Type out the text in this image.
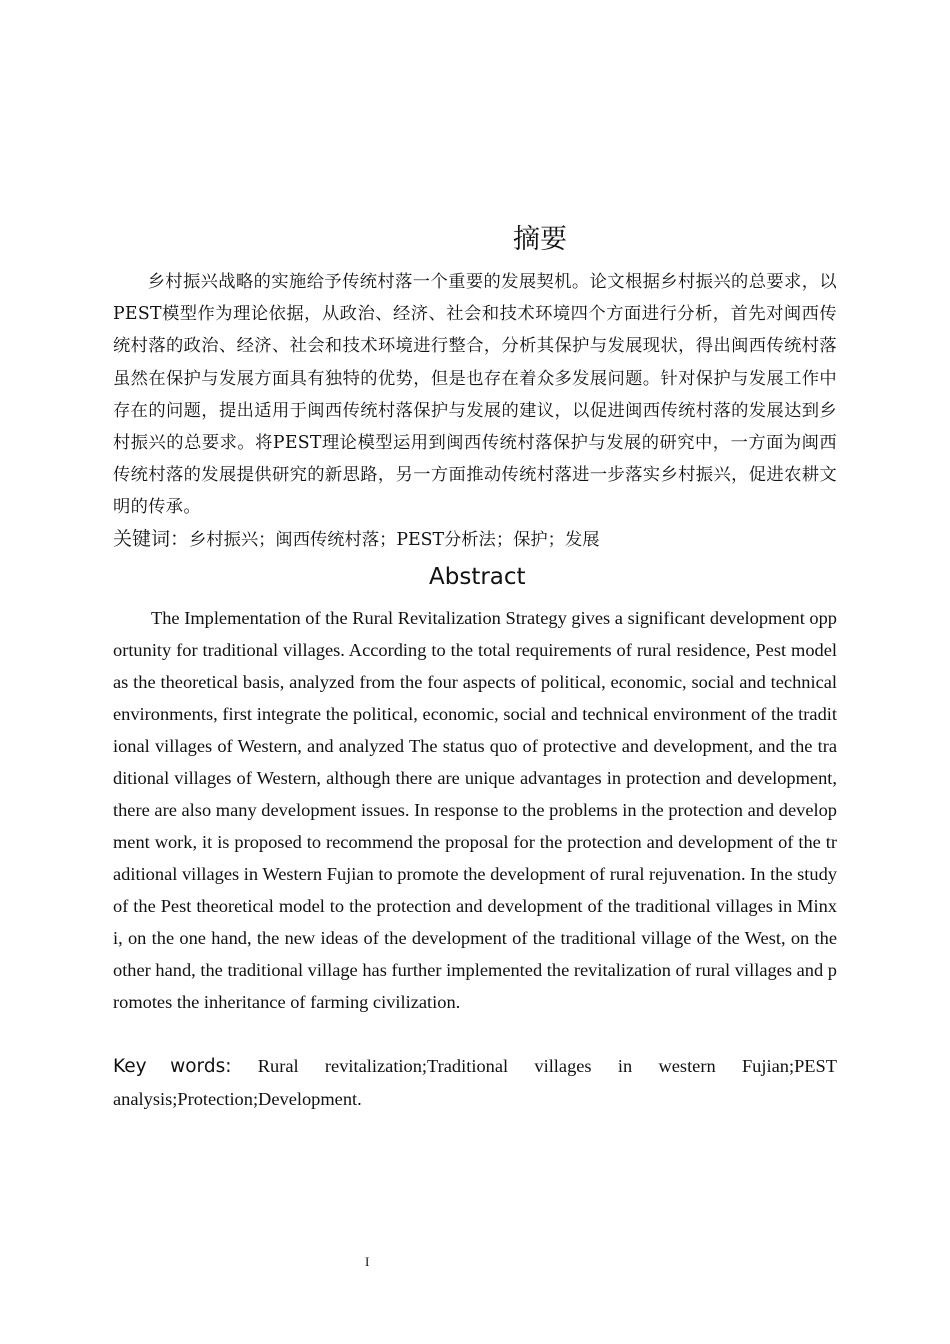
摘要

乡村振兴战略的实施给予传统村落一个重要的发展契机。论文根据乡村振兴的总要求，以PEST模型作为理论依据，从政治、经济、社会和技术环境四个方面进行分析，首先对闽西传统村落的政治、经济、社会和技术环境进行整合，分析其保护与发展现状，得出闽西传统村落虽然在保护与发展方面具有独特的优势，但是也存在着众多发展问题。针对保护与发展工作中存在的问题，提出适用于闽西传统村落保护与发展的建议，以促进闽西传统村落的发展达到乡村振兴的总要求。将PEST理论模型运用到闽西传统村落保护与发展的研究中，一方面为闽西传统村落的发展提供研究的新思路，另一方面推动传统村落进一步落实乡村振兴，促进农耕文明的传承。

关键词：乡村振兴；闽西传统村落；PEST分析法；保护；发展

Abstract

The Implementation of the Rural Revitalization Strategy gives a significant development opportunity for traditional villages. According to the total requirements of rural residence, Pest model as the theoretical basis, analyzed from the four aspects of political, economic, social and technical environments, first integrate the political, economic, social and technical environment of the traditional villages of Western, and analyzed The status quo of protective and development, and the traditional villages of Western, although there are unique advantages in protection and development, there are also many development issues. In response to the problems in the protection and development work, it is proposed to recommend the proposal for the protection and development of the traditional villages in Western Fujian to promote the development of rural rejuvenation. In the study of the Pest theoretical model to the protection and development of the traditional villages in Minxi, on the one hand, the new ideas of the development of the traditional village of the West, on the other hand, the traditional village has further implemented the revitalization of rural villages and promotes the inheritance of farming civilization.

Key words: Rural revitalization;Traditional villages in western Fujian;PEST analysis;Protection;Development.

I
